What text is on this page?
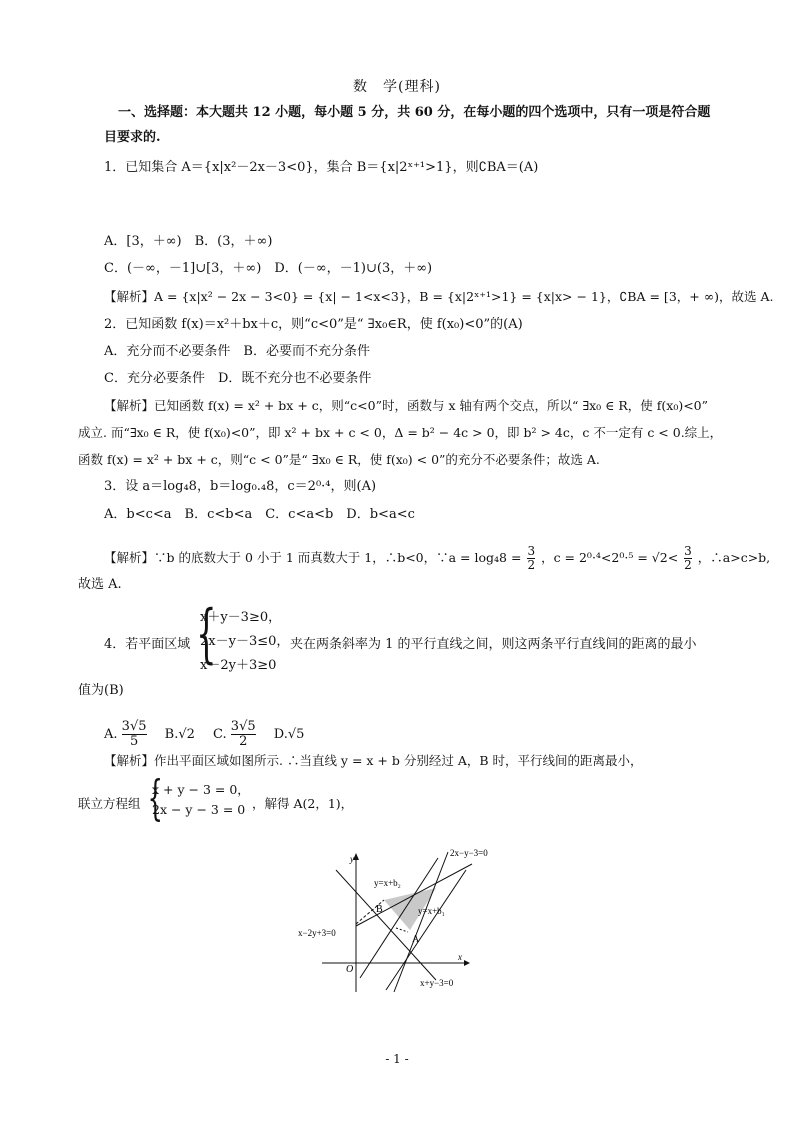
数　学(理科)
一、选择题：本大题共 12 小题，每小题 5 分，共 60 分，在每小题的四个选项中，只有一项是符合题
目要求的.
1．已知集合 A＝{x|x²－2x－3<0}，集合 B＝{x|2ˣ⁺¹>1}，则∁BA＝(A)
A．[3，＋∞)　B．(3，＋∞)
C．(－∞，－1]∪[3，＋∞)　D．(－∞，－1)∪(3，＋∞)
【解析】A = {x|x² − 2x − 3<0} = {x| − 1<x<3}，B = {x|2ˣ⁺¹>1} = {x|x> − 1}，∁BA = [3，+ ∞)，故选 A.
2．已知函数 f(x)＝x²＋bx＋c，则“c<0”是“ ∃x₀∈R，使 f(x₀)<0”的(A)
A．充分而不必要条件　B．必要而不充分条件
C．充分必要条件　D．既不充分也不必要条件
【解析】已知函数 f(x) = x² + bx + c，则“c<0”时，函数与 x 轴有两个交点，所以“ ∃x₀ ∈ R，使 f(x₀)<0”
成立. 而“∃x₀ ∈ R，使 f(x₀)<0”，即 x² + bx + c < 0，Δ = b² − 4c > 0，即 b² > 4c，c 不一定有 c < 0.综上，
函数 f(x) = x² + bx + c，则“c < 0”是“ ∃x₀ ∈ R，使 f(x₀) < 0”的充分不必要条件；故选 A.
3．设 a＝log₄8，b＝log₀.₄8，c＝2⁰·⁴，则(A)
A．b<c<a　B．c<b<a　C．c<a<b　D．b<a<c
【解析】∵b 的底数大于 0 小于 1 而真数大于 1，∴b<0，∵a = $\log_48 = \frac{3}{2}$ ，$c = 2^0\cdot^4<2^0\cdot^5 = √2< \frac{3}{2}$ ，∴a>c>b,
故选 A.
4．若平面区域 {
x＋y－3≥0，
2x－y－3≤0，
x－2y＋3≥0
夹在两条斜率为 1 的平行直线之间，则这两条平行直线间的距离的最小
值为(B)
A. $\frac{3√5}{5} B.√2$ C. $\frac{3√5}{2} D.√5$
【解析】作出平面区域如图所示. ∴当直线 y = x + b 分别经过 A，B 时，平行线间的距离最小，
联立方程组 {
x + y − 3 = 0，
2x − y − 3 = 0 ，解得 A(2，1)，
2x−y−3=0
y=x+b₂
y=x+b₁
x−2y+3=0
x+y−3=0
B
A
O
x
y
- 1 -
